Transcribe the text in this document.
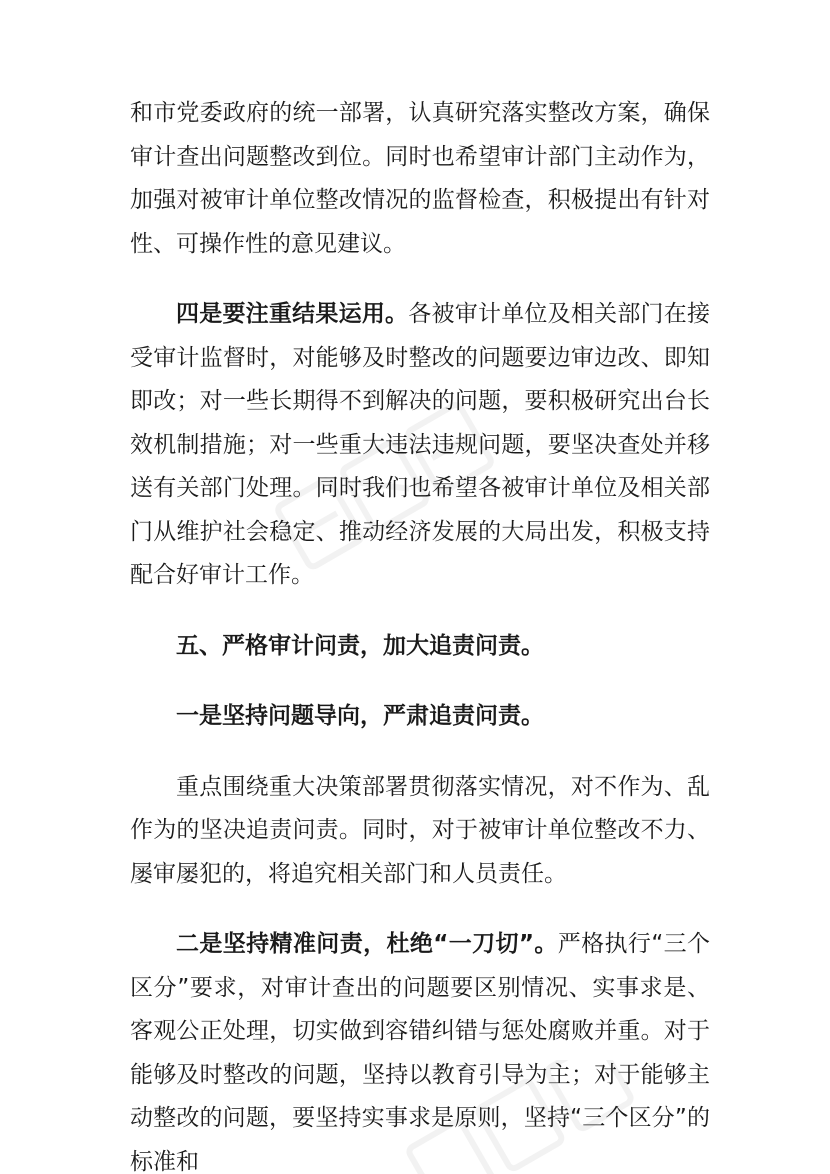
和市党委政府的统一部署，认真研究落实整改方案，确保审计查出问题整改到位。同时也希望审计部门主动作为，加强对被审计单位整改情况的监督检查，积极提出有针对性、可操作性的意见建议。

四是要注重结果运用。各被审计单位及相关部门在接受审计监督时，对能够及时整改的问题要边审边改、即知即改；对一些长期得不到解决的问题，要积极研究出台长效机制措施；对一些重大违法违规问题，要坚决查处并移送有关部门处理。同时我们也希望各被审计单位及相关部门从维护社会稳定、推动经济发展的大局出发，积极支持配合好审计工作。

五、严格审计问责，加大追责问责。

一是坚持问题导向，严肃追责问责。

重点围绕重大决策部署贯彻落实情况，对不作为、乱作为的坚决追责问责。同时，对于被审计单位整改不力、屡审屡犯的，将追究相关部门和人员责任。

二是坚持精准问责，杜绝“一刀切”。严格执行“三个区分”要求，对审计查出的问题要区别情况、实事求是、客观公正处理，切实做到容错纠错与惩处腐败并重。对于能够及时整改的问题，坚持以教育引导为主；对于能够主动整改的问题，要坚持实事求是原则，坚持“三个区分”的标准和
